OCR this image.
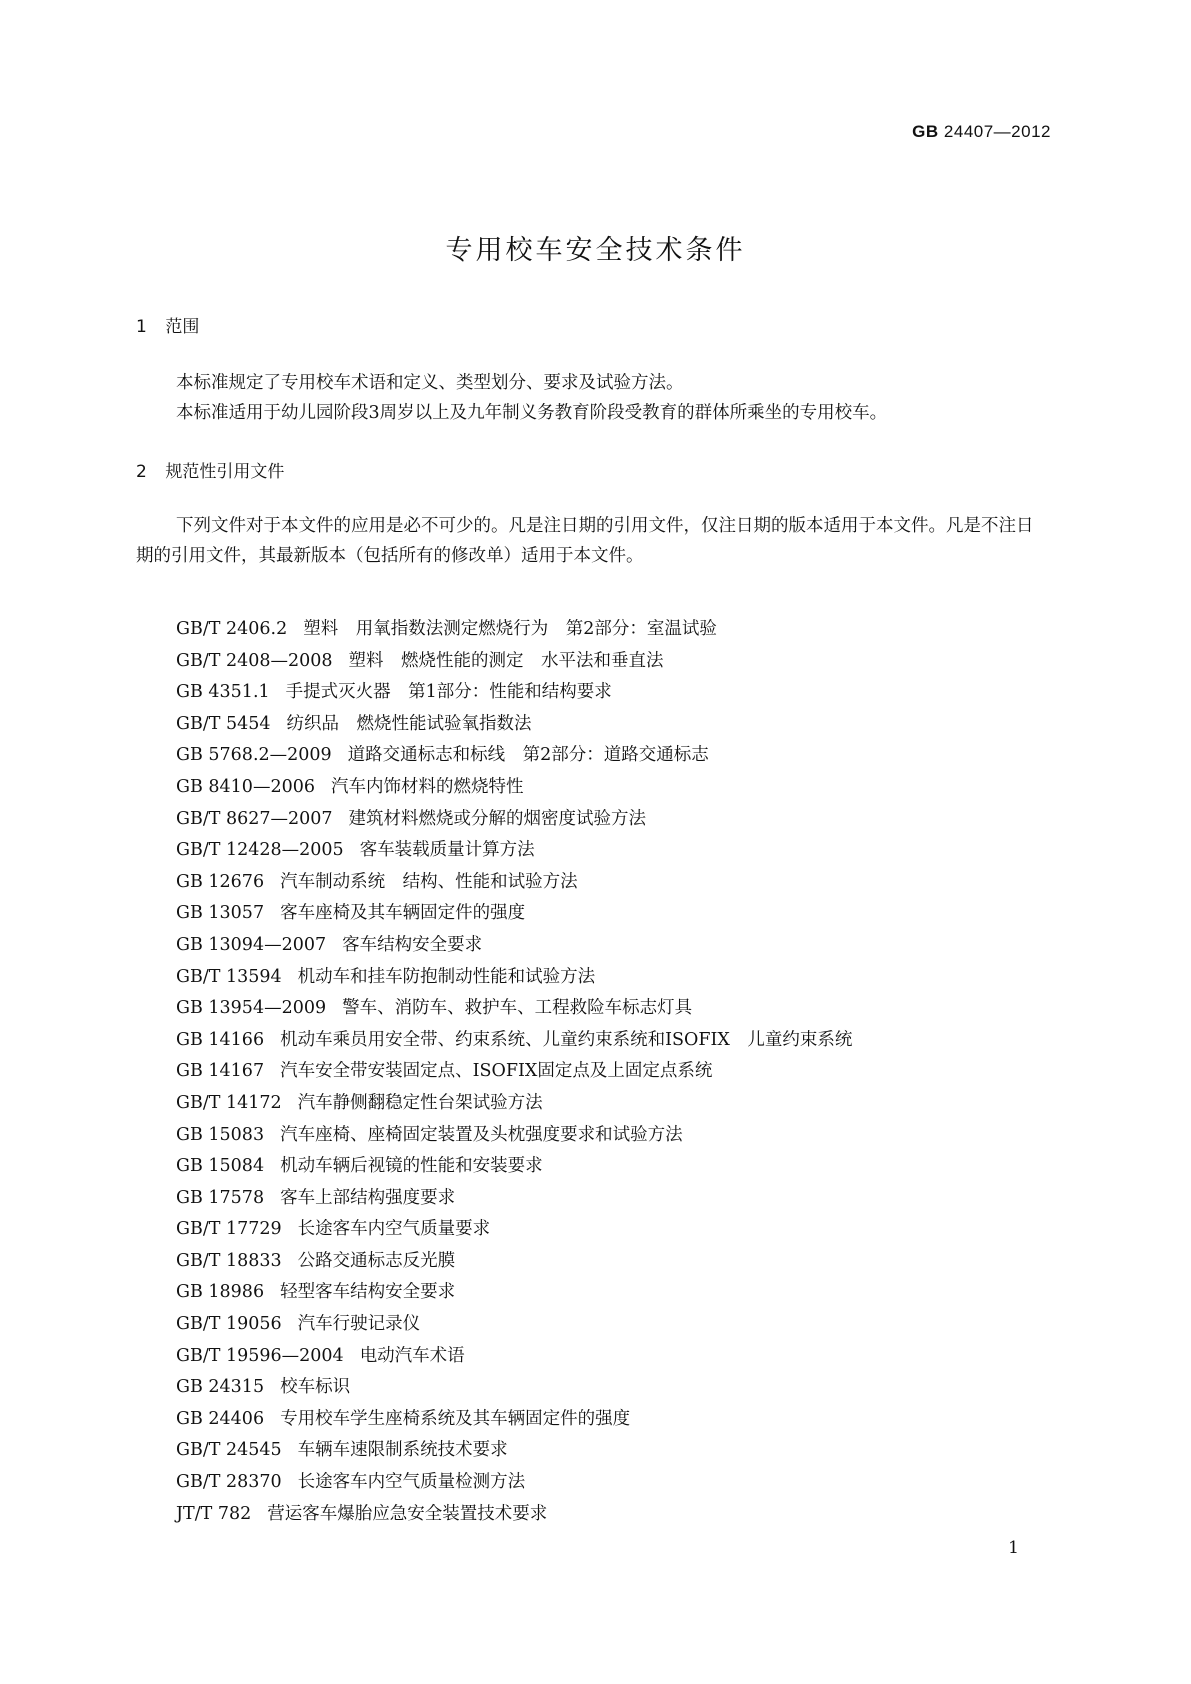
GB 24407—2012
专用校车安全技术条件
1 范围
本标准规定了专用校车术语和定义、类型划分、要求及试验方法。
本标准适用于幼儿园阶段3周岁以上及九年制义务教育阶段受教育的群体所乘坐的专用校车。
2 规范性引用文件
下列文件对于本文件的应用是必不可少的。凡是注日期的引用文件，仅注日期的版本适用于本文件。凡是不注日期的引用文件，其最新版本（包括所有的修改单）适用于本文件。
GB/T 2406.2 塑料　用氧指数法测定燃烧行为　第2部分：室温试验
GB/T 2408—2008 塑料　燃烧性能的测定　水平法和垂直法
GB 4351.1 手提式灭火器　第1部分：性能和结构要求
GB/T 5454 纺织品　燃烧性能试验氧指数法
GB 5768.2—2009 道路交通标志和标线　第2部分：道路交通标志
GB 8410—2006 汽车内饰材料的燃烧特性
GB/T 8627—2007 建筑材料燃烧或分解的烟密度试验方法
GB/T 12428—2005 客车装载质量计算方法
GB 12676 汽车制动系统　结构、性能和试验方法
GB 13057 客车座椅及其车辆固定件的强度
GB 13094—2007 客车结构安全要求
GB/T 13594 机动车和挂车防抱制动性能和试验方法
GB 13954—2009 警车、消防车、救护车、工程救险车标志灯具
GB 14166 机动车乘员用安全带、约束系统、儿童约束系统和ISOFIX　儿童约束系统
GB 14167 汽车安全带安装固定点、ISOFIX固定点及上固定点系统
GB/T 14172 汽车静侧翻稳定性台架试验方法
GB 15083 汽车座椅、座椅固定装置及头枕强度要求和试验方法
GB 15084 机动车辆后视镜的性能和安装要求
GB 17578 客车上部结构强度要求
GB/T 17729 长途客车内空气质量要求
GB/T 18833 公路交通标志反光膜
GB 18986 轻型客车结构安全要求
GB/T 19056 汽车行驶记录仪
GB/T 19596—2004 电动汽车术语
GB 24315 校车标识
GB 24406 专用校车学生座椅系统及其车辆固定件的强度
GB/T 24545 车辆车速限制系统技术要求
GB/T 28370 长途客车内空气质量检测方法
JT/T 782 营运客车爆胎应急安全装置技术要求
1
